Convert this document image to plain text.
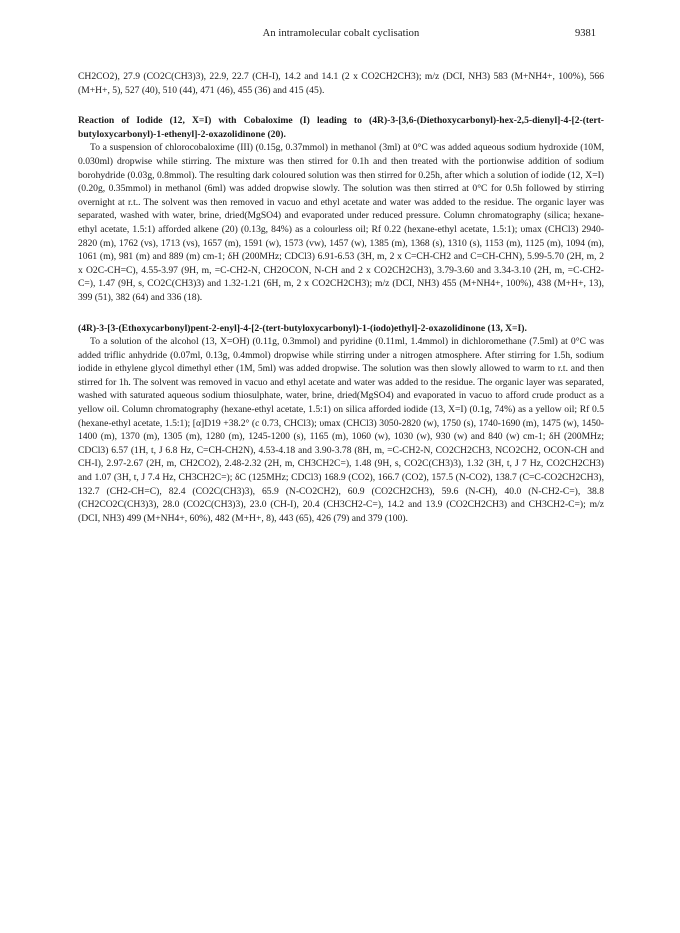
An intramolecular cobalt cyclisation	9381

CH2CO2), 27.9 (CO2C(CH3)3), 22.9, 22.7 (CH-I), 14.2 and 14.1 (2 x CO2CH2CH3); m/z (DCI, NH3) 583 (M+NH4+, 100%), 566 (M+H+, 5), 527 (40), 510 (44), 471 (46), 455 (36) and 415 (45).

Reaction of Iodide (12, X=I) with Cobaloxime (I) leading to (4R)-3-[3,6-(Diethoxycarbonyl)-hex-2,5-dienyl]-4-[2-(tert-butyloxycarbonyl)-1-ethenyl]-2-oxazolidinone (20).

To a suspension of chlorocobaloxime (III) (0.15g, 0.37mmol) in methanol (3ml) at 0°C was added aqueous sodium hydroxide (10M, 0.030ml) dropwise while stirring. The mixture was then stirred for 0.1h and then treated with the portionwise addition of sodium borohydride (0.03g, 0.8mmol). The resulting dark coloured solution was then stirred for 0.25h, after which a solution of iodide (12, X=I) (0.20g, 0.35mmol) in methanol (6ml) was added dropwise slowly. The solution was then stirred at 0°C for 0.5h followed by stirring overnight at r.t.. The solvent was then removed in vacuo and ethyl acetate and water was added to the residue. The organic layer was separated, washed with water, brine, dried(MgSO4) and evaporated under reduced pressure. Column chromatography (silica; hexane-ethyl acetate, 1.5:1) afforded alkene (20) (0.13g, 84%) as a colourless oil; Rf 0.22 (hexane-ethyl acetate, 1.5:1); υmax (CHCl3) 2940-2820 (m), 1762 (vs), 1713 (vs), 1657 (m), 1591 (w), 1573 (vw), 1457 (w), 1385 (m), 1368 (s), 1310 (s), 1153 (m), 1125 (m), 1094 (m), 1061 (m), 981 (m) and 889 (m) cm-1; δH (200MHz; CDCl3) 6.91-6.53 (3H, m, 2 x C=CH-CH2 and C=CH-CHN), 5.99-5.70 (2H, m, 2 x O2C-CH=C), 4.55-3.97 (9H, m, =C-CH2-N, CH2OCON, N-CH and 2 x CO2CH2CH3), 3.79-3.60 and 3.34-3.10 (2H, m, =C-CH2-C=), 1.47 (9H, s, CO2C(CH3)3) and 1.32-1.21 (6H, m, 2 x CO2CH2CH3); m/z (DCI, NH3) 455 (M+NH4+, 100%), 438 (M+H+, 13), 399 (51), 382 (64) and 336 (18).

(4R)-3-[3-(Ethoxycarbonyl)pent-2-enyl]-4-[2-(tert-butyloxycarbonyl)-1-(iodo)ethyl]-2-oxazolidinone (13, X=I).

To a solution of the alcohol (13, X=OH) (0.11g, 0.3mmol) and pyridine (0.11ml, 1.4mmol) in dichloromethane (7.5ml) at 0°C was added triflic anhydride (0.07ml, 0.13g, 0.4mmol) dropwise while stirring under a nitrogen atmosphere. After stirring for 1.5h, sodium iodide in ethylene glycol dimethyl ether (1M, 5ml) was added dropwise. The solution was then slowly allowed to warm to r.t. and then stirred for 1h. The solvent was removed in vacuo and ethyl acetate and water was added to the residue. The organic layer was separated, washed with saturated aqueous sodium thiosulphate, water, brine, dried(MgSO4) and evaporated in vacuo to afford crude product as a yellow oil. Column chromatography (hexane-ethyl acetate, 1.5:1) on silica afforded iodide (13, X=I) (0.1g, 74%) as a yellow oil; Rf 0.5 (hexane-ethyl acetate, 1.5:1); [α]D19 +38.2° (c 0.73, CHCl3); υmax (CHCl3) 3050-2820 (w), 1750 (s), 1740-1690 (m), 1475 (w), 1450-1400 (m), 1370 (m), 1305 (m), 1280 (m), 1245-1200 (s), 1165 (m), 1060 (w), 1030 (w), 930 (w) and 840 (w) cm-1; δH (200MHz; CDCl3) 6.57 (1H, t, J 6.8 Hz, C=CH-CH2N), 4.53-4.18 and 3.90-3.78 (8H, m, =C-CH2-N, CO2CH2CH3, NCO2CH2, OCON-CH and CH-I), 2.97-2.67 (2H, m, CH2CO2), 2.48-2.32 (2H, m, CH3CH2C=), 1.48 (9H, s, CO2C(CH3)3), 1.32 (3H, t, J 7 Hz, CO2CH2CH3) and 1.07 (3H, t, J 7.4 Hz, CH3CH2C=); δC (125MHz; CDCl3) 168.9 (CO2), 166.7 (CO2), 157.5 (N-CO2), 138.7 (C=C-CO2CH2CH3), 132.7 (CH2-CH=C), 82.4 (CO2C(CH3)3), 65.9 (N-CO2CH2), 60.9 (CO2CH2CH3), 59.6 (N-CH), 40.0 (N-CH2-C=), 38.8 (CH2CO2C(CH3)3), 28.0 (CO2C(CH3)3), 23.0 (CH-I), 20.4 (CH3CH2-C=), 14.2 and 13.9 (CO2CH2CH3) and CH3CH2-C=); m/z (DCI, NH3) 499 (M+NH4+, 60%), 482 (M+H+, 8), 443 (65), 426 (79) and 379 (100).
